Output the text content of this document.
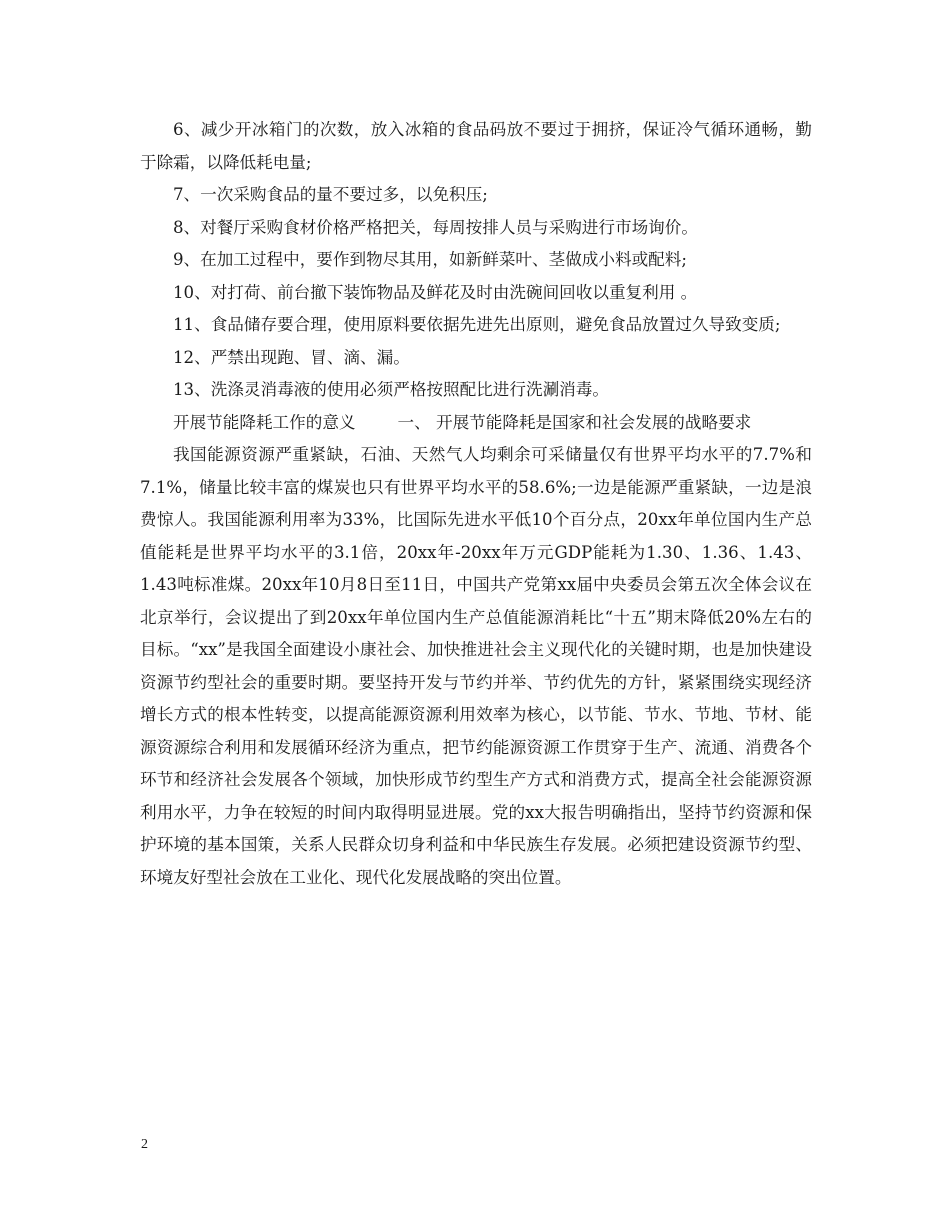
6、减少开冰箱门的次数，放入冰箱的食品码放不要过于拥挤，保证冷气循环通畅，勤于除霜，以降低耗电量;

7、一次采购食品的量不要过多，以免积压;

8、对餐厅采购食材价格严格把关，每周按排人员与采购进行市场询价。

9、在加工过程中，要作到物尽其用，如新鲜菜叶、茎做成小料或配料;

10、对打荷、前台撤下装饰物品及鲜花及时由洗碗间回收以重复利用 。

11、食品储存要合理，使用原料要依据先进先出原则，避免食品放置过久导致变质;

12、严禁出现跑、冒、滴、漏。

13、洗涤灵消毒液的使用必须严格按照配比进行洗涮消毒。

开展节能降耗工作的意义	一、 开展节能降耗是国家和社会发展的战略要求

我国能源资源严重紧缺，石油、天然气人均剩余可采储量仅有世界平均水平的7.7%和7.1%，储量比较丰富的煤炭也只有世界平均水平的58.6%;一边是能源严重紧缺，一边是浪费惊人。我国能源利用率为33%，比国际先进水平低10个百分点，20xx年单位国内生产总值能耗是世界平均水平的3.1倍，20xx年-20xx年万元GDP能耗为1.30、1.36、1.43、1.43吨标准煤。20xx年10月8日至11日，中国共产党第xx届中央委员会第五次全体会议在北京举行，会议提出了到20xx年单位国内生产总值能源消耗比“十五”期末降低20%左右的目标。“xx”是我国全面建设小康社会、加快推进社会主义现代化的关键时期，也是加快建设资源节约型社会的重要时期。要坚持开发与节约并举、节约优先的方针，紧紧围绕实现经济增长方式的根本性转变，以提高能源资源利用效率为核心，以节能、节水、节地、节材、能源资源综合利用和发展循环经济为重点，把节约能源资源工作贯穿于生产、流通、消费各个环节和经济社会发展各个领域，加快形成节约型生产方式和消费方式，提高全社会能源资源利用水平，力争在较短的时间内取得明显进展。党的xx大报告明确指出，坚持节约资源和保护环境的基本国策，关系人民群众切身利益和中华民族生存发展。必须把建设资源节约型、环境友好型社会放在工业化、现代化发展战略的突出位置。

2
